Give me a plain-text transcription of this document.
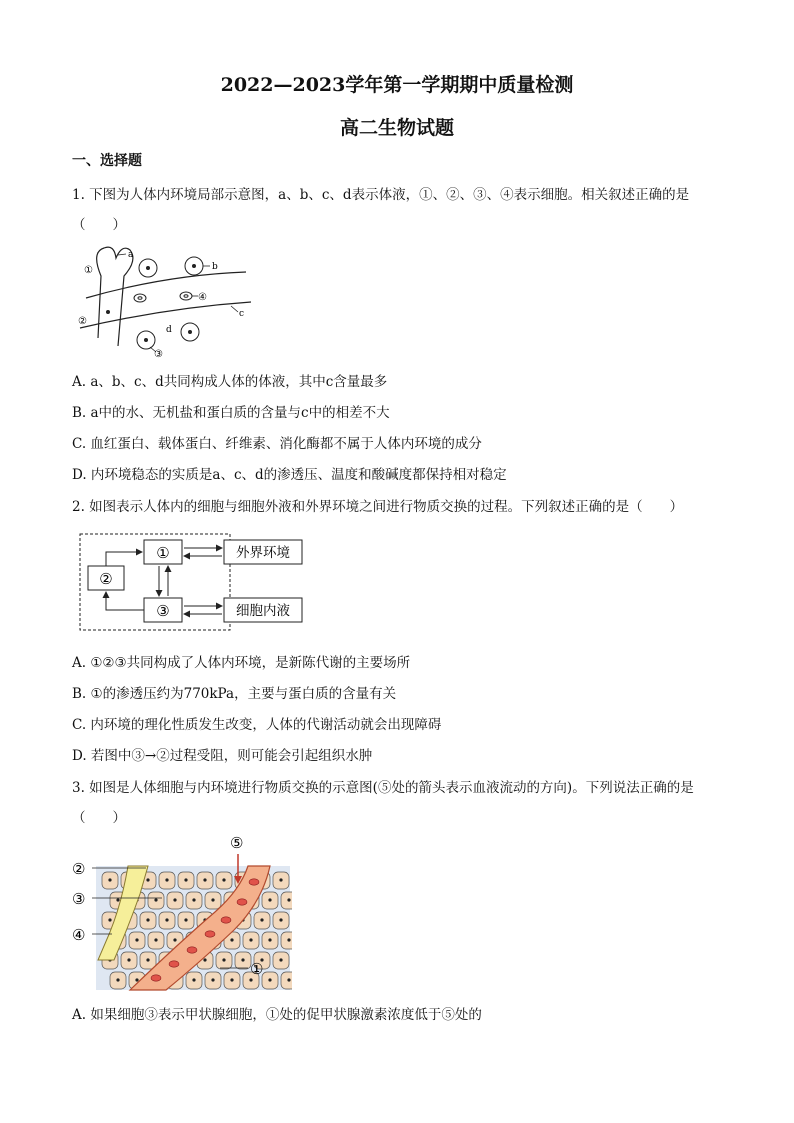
2022—2023学年第一学期期中质量检测
高二生物试题
一、选择题
1. 下图为人体内环境局部示意图，a、b、c、d表示体液，①、②、③、④表示细胞。相关叙述正确的是
（　　）
a
b
c
d
①
②
③
④
A. a、b、c、d共同构成人体的体液，其中c含量最多
B. a中的水、无机盐和蛋白质的含量与c中的相差不大
C. 血红蛋白、载体蛋白、纤维素、消化酶都不属于人体内环境的成分
D. 内环境稳态的实质是a、c、d的渗透压、温度和酸碱度都保持相对稳定
2. 如图表示人体内的细胞与细胞外液和外界环境之间进行物质交换的过程。下列叙述正确的是（　　）
①
②
③
外界环境
细胞内液
A. ①②③共同构成了人体内环境，是新陈代谢的主要场所
B. ①的渗透压约为770kPa，主要与蛋白质的含量有关
C. 内环境的理化性质发生改变，人体的代谢活动就会出现障碍
D. 若图中③→②过程受阻，则可能会引起组织水肿
3. 如图是人体细胞与内环境进行物质交换的示意图(⑤处的箭头表示血液流动的方向)。下列说法正确的是
（　　）
②
③
④
①
⑤
A. 如果细胞③表示甲状腺细胞，①处的促甲状腺激素浓度低于⑤处的
